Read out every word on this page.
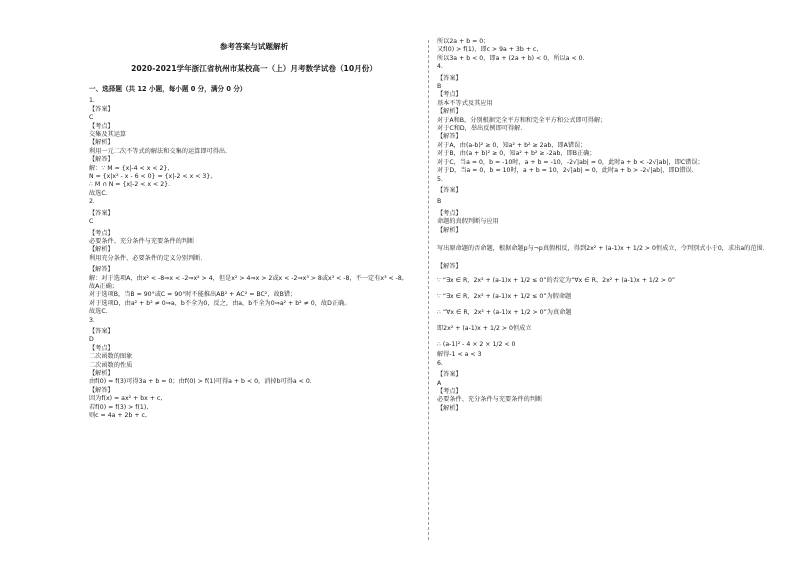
参考答案与试题解析
2020-2021学年浙江省杭州市某校高一（上）月考数学试卷（10月份）
一、选择题（共 12 小题，每小题 0 分，满分 0 分）
1.
【答案】
C
【考点】
交集及其运算
【解析】
利用一元二次不等式的解法和交集的运算即可得出.
【解答】
解：∵ M = {x|-4 < x < 2},
N = {x|x² - x - 6 < 0} = {x|-2 < x < 3},
∴ M ∩ N = {x|-2 < x < 2}.
故选C.
2.
【答案】
C
【考点】
必要条件、充分条件与充要条件的判断
【解析】
利用充分条件、必要条件的定义分别判断.
【解答】
解：对于选项A，由x² < -8⇒x < -2⇒x² > 4，但是x² > 4⇒x > 2或x < -2⇒x³ > 8或x³ < -8，不一定有x³ < -8,
故A正确；
对于选项B，当B = 90°或C = 90°时不能推出AB² + AC² = BC²，故B错；
对于选项D，由a² + b² ≠ 0⇒a，b不全为0，反之，由a，b不全为0⇒a² + b² ≠ 0，故D正确。
故选C.
3.
【答案】
D
【考点】
二次函数的图象
二次函数的性质
【解析】
由f(0) = f(3)可得3a + b = 0；由f(0) > f(1)可得a + b < 0，消掉b可得a < 0.
【解答】
因为f(x) = ax² + bx + c,
若f(0) = f(3) > f(1),
则c = 4a + 2b + c,
所以2a + b = 0；
又f(0) > f(1)，即c > 9a + 3b + c,
所以3a + b < 0，即a + (2a + b) < 0，所以a < 0.
4.
【答案】
B
【考点】
基本不等式及其应用
【解析】
对于A和B，分别根据完全平方和和完全平方和公式即可得解；
对于C和D，举出反例即可得解.
【解答】
对于A，由(a-b)² ≥ 0，知a² + b² ≥ 2ab，即A错误；
对于B，由(a + b)² ≥ 0，知a² + b² ≥ -2ab，即B正确；
对于C，当a = 0，b = -10时，a + b = -10，-2√|ab| = 0，此时a + b < -2√|ab|，即C错误；
对于D，当a = 0，b = 10时，a + b = 10，2√|ab| = 0，此时a + b > -2√|ab|，即D错误.
5.
【答案】
B
【考点】
命题的真假判断与应用
【解析】
写出原命题的否命题，根据命题p与¬p真假相反，得到2x² + (a-1)x + 1/2 > 0恒成立，令判别式小于0，求出a的范围.
【解答】
∵ “∃x ∈ R，2x² + (a-1)x + 1/2 ≤ 0”的否定为“∀x ∈ R，2x² + (a-1)x + 1/2 > 0”
∵ “∃x ∈ R，2x² + (a-1)x + 1/2 ≤ 0”为假命题
∴ “∀x ∈ R，2x² + (a-1)x + 1/2 > 0”为真命题
即2x² + (a-1)x + 1/2 > 0恒成立
∴ (a-1)² - 4 × 2 × 1/2 < 0
解得-1 < a < 3
6.
【答案】
A
【考点】
必要条件、充分条件与充要条件的判断
【解析】
